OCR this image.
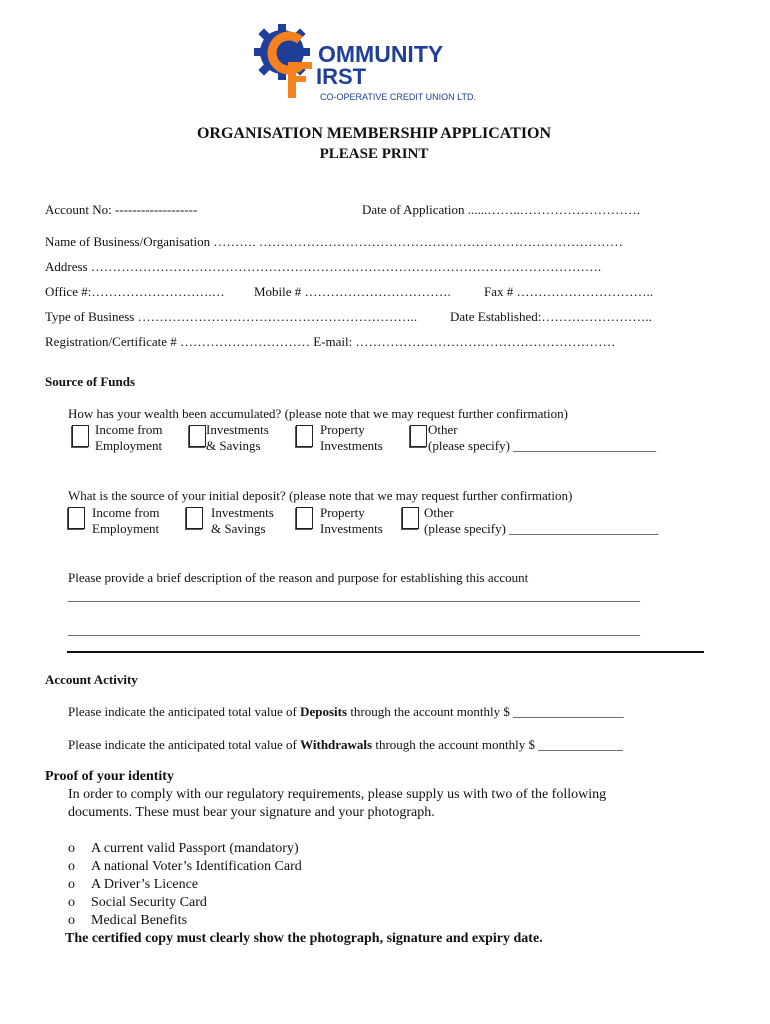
OMMUNITY
IRST
CO-OPERATIVE CREDIT UNION LTD.
ORGANISATION MEMBERSHIP APPLICATION
PLEASE PRINT
Account No: -------------------	Date of Application ......……..……………………….
Name of Business/Organisation ………. …………………………………………………………………………
Address ……………………………………………………………………………………………………….
Office #:……………………….… Mobile # …………………………….	Fax # …………………………..
Type of Business ………………………………………………………..	Date Established:……………………..
Registration/Certificate # ………………………… E-mail: ……………………………………………………
Source of Funds
How has your wealth been accumulated? (please note that we may request further confirmation)
Income from
Employment
Investments
& Savings
Property
Investments
Other
(please specify) ______________________
What is the source of your initial deposit? (please note that we may request further confirmation)
Income from
Employment
Investments
& Savings
Property
Investments
Other
(please specify) _______________________
Please provide a brief description of the reason and purpose for establishing this account
________________________________________________________________________________________
________________________________________________________________________________________
Account Activity
Please indicate the anticipated total value of Deposits through the account monthly $ _________________
Please indicate the anticipated total value of Withdrawals through the account monthly $ _____________
Proof of your identity
In order to comply with our regulatory requirements, please supply us with two of the following
documents. These must bear your signature and your photograph.
o A current valid Passport (mandatory)
o A national Voter’s Identification Card
o A Driver’s Licence
o Social Security Card
o Medical Benefits
The certified copy must clearly show the photograph, signature and expiry date.
